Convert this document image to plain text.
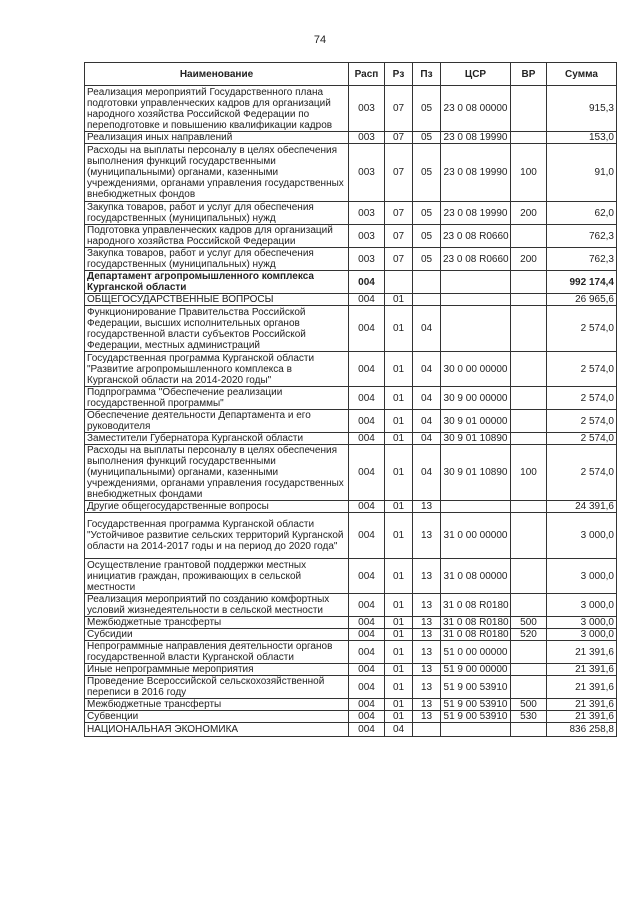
74
Наименование	Расп	Рз	Пз	ЦСР	ВР	Сумма
Реализация мероприятий Государственного плана подготовки управленческих кадров для организаций народного хозяйства Российской Федерации по переподготовке и повышению квалификации кадров	003	07	05	23 0 08 00000		915,3
Реализация иных направлений	003	07	05	23 0 08 19990		153,0
Расходы на выплаты персоналу в целях обеспечения выполнения функций государственными (муниципальными) органами, казенными учреждениями, органами управления государственных внебюджетных фондов	003	07	05	23 0 08 19990	100	91,0
Закупка товаров, работ и услуг для обеспечения государственных (муниципальных) нужд	003	07	05	23 0 08 19990	200	62,0
Подготовка управленческих кадров для организаций народного хозяйства Российской Федерации	003	07	05	23 0 08 R0660		762,3
Закупка товаров, работ и услуг для обеспечения государственных (муниципальных) нужд	003	07	05	23 0 08 R0660	200	762,3
Департамент агропромышленного комплекса Курганской области	004					992 174,4
ОБЩЕГОСУДАРСТВЕННЫЕ ВОПРОСЫ	004	01				26 965,6
Функционирование Правительства Российской Федерации, высших исполнительных органов государственной власти субъектов Российской Федерации, местных администраций	004	01	04			2 574,0
Государственная программа Курганской области "Развитие агропромышленного комплекса в Курганской области на 2014-2020 годы"	004	01	04	30 0 00 00000		2 574,0
Подпрограмма "Обеспечение реализации государственной программы"	004	01	04	30 9 00 00000		2 574,0
Обеспечение деятельности Департамента и его руководителя	004	01	04	30 9 01 00000		2 574,0
Заместители Губернатора Курганской области	004	01	04	30 9 01 10890		2 574,0
Расходы на выплаты персоналу в целях обеспечения выполнения функций государственными (муниципальными) органами, казенными учреждениями, органами управления государственных внебюджетных фондами	004	01	04	30 9 01 10890	100	2 574,0
Другие общегосударственные вопросы	004	01	13			24 391,6
Государственная программа Курганской области "Устойчивое развитие сельских территорий Курганской области на 2014-2017 годы и на период до 2020 года"	004	01	13	31 0 00 00000		3 000,0
Осуществление грантовой поддержки местных инициатив граждан, проживающих в сельской местности	004	01	13	31 0 08 00000		3 000,0
Реализация мероприятий по созданию комфортных условий жизнедеятельности в сельской местности	004	01	13	31 0 08 R0180		3 000,0
Межбюджетные трансферты	004	01	13	31 0 08 R0180	500	3 000,0
Субсидии	004	01	13	31 0 08 R0180	520	3 000,0
Непрограммные направления деятельности органов государственной власти Курганской области	004	01	13	51 0 00 00000		21 391,6
Иные непрограммные мероприятия	004	01	13	51 9 00 00000		21 391,6
Проведение Всероссийской сельскохозяйственной переписи в 2016 году	004	01	13	51 9 00 53910		21 391,6
Межбюджетные трансферты	004	01	13	51 9 00 53910	500	21 391,6
Субвенции	004	01	13	51 9 00 53910	530	21 391,6
НАЦИОНАЛЬНАЯ ЭКОНОМИКА	004	04				836 258,8
